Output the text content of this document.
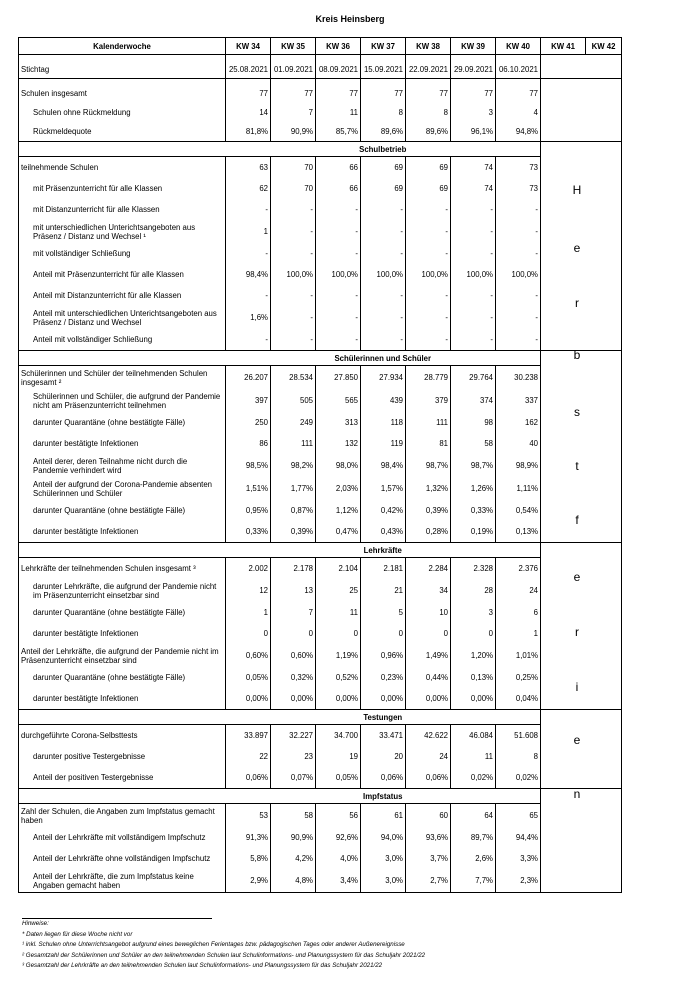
Kreis Heinsberg
Kalenderwoche	KW 34	KW 35	KW 36	KW 37	KW 38	KW 39	KW 40	KW 41	KW 42

Stichtag	25.08.2021	01.09.2021	08.09.2021	15.09.2021	22.09.2021	29.09.2021	06.10.2021		

Schulen insgesamt	77	77	77	77	77	77	77		
Schulen ohne Rückmeldung	14	7	11	8	8	3	4		
Rückmeldequote	81,8%	90,9%	85,7%	89,6%	89,6%	96,1%	94,8%		
	Schulbetrieb								
teilnehmende Schulen	63	70	66	69	69	74	73		
mit Präsenzunterricht für alle Klassen	62	70	66	69	69	74	73		
mit Distanzunterricht für alle Klassen	-	-	-	-	-	-	-		
mit unterschiedlichen Unterichtsangeboten aus Präsenz / Distanz und Wechsel ¹	1	-	-	-	-	-	-		
mit vollständiger Schließung	-	-	-	-	-	-	-		
Anteil mit Präsenzunterricht für alle Klassen	98,4%	100,0%	100,0%	100,0%	100,0%	100,0%	100,0%		
Anteil mit Distanzunterricht für alle Klassen	-	-	-	-	-	-	-		
Anteil mit unterschiedlichen Unterichtsangeboten aus Präsenz / Distanz und Wechsel	1,6%	-	-	-	-	-	-		
Anteil mit vollständiger Schließung	-	-	-	-	-	-	-		
	Schülerinnen und Schüler								
Schülerinnen und Schüler der teilnehmenden Schulen insgesamt ²	26.207	28.534	27.850	27.934	28.779	29.764	30.238		
Schülerinnen und Schüler, die aufgrund der Pandemie nicht am Präsenzunterricht teilnehmen	397	505	565	439	379	374	337		
darunter Quarantäne (ohne bestätigte Fälle)	250	249	313	118	111	98	162		
darunter bestätigte Infektionen	86	111	132	119	81	58	40		
Anteil derer, deren Teilnahme nicht durch die Pandemie verhindert wird	98,5%	98,2%	98,0%	98,4%	98,7%	98,7%	98,9%		
Anteil der aufgrund der Corona-Pandemie absenten Schülerinnen und Schüler	1,51%	1,77%	2,03%	1,57%	1,32%	1,26%	1,11%		
darunter Quarantäne (ohne bestätigte Fälle)	0,95%	0,87%	1,12%	0,42%	0,39%	0,33%	0,54%		
darunter bestätigte Infektionen	0,33%	0,39%	0,47%	0,43%	0,28%	0,19%	0,13%		
	Lehrkräfte								
Lehrkräfte der teilnehmenden Schulen insgesamt ³	2.002	2.178	2.104	2.181	2.284	2.328	2.376		
darunter Lehrkräfte, die aufgrund der Pandemie nicht im Präsenzunterricht einsetzbar sind	12	13	25	21	34	28	24		
darunter Quarantäne (ohne bestätigte Fälle)	1	7	11	5	10	3	6		
darunter bestätigte Infektionen	0	0	0	0	0	0	1		
Anteil der Lehrkräfte, die aufgrund der Pandemie nicht im Präsenzunterricht einsetzbar sind	0,60%	0,60%	1,19%	0,96%	1,49%	1,20%	1,01%		
darunter Quarantäne (ohne bestätigte Fälle)	0,05%	0,32%	0,52%	0,23%	0,44%	0,13%	0,25%		
darunter bestätigte Infektionen	0,00%	0,00%	0,00%	0,00%	0,00%	0,00%	0,04%		
	Testungen								
durchgeführte Corona-Selbsttests	33.897	32.227	34.700	33.471	42.622	46.084	51.608		
darunter positive Testergebnisse	22	23	19	20	24	11	8		
Anteil der positiven Testergebnisse	0,06%	0,07%	0,05%	0,06%	0,06%	0,02%	0,02%		
	Impfstatus								
Zahl der Schulen, die Angaben zum Impfstatus gemacht haben	53	58	56	61	60	64	65		
Anteil der Lehrkräfte mit vollständigem Impfschutz	91,3%	90,9%	92,6%	94,0%	93,6%	89,7%	94,4%		
Anteil der Lehrkräfte ohne vollständigen Impfschutz	5,8%	4,2%	4,0%	3,0%	3,7%	2,6%	3,3%		
Anteil der Lehrkräfte, die zum Impfstatus keine Angaben gemacht haben	2,9%	4,8%	3,4%	3,0%	2,7%	7,7%	2,3%		
H
e
r
b
s
t
f
e
r
i
e
n
Hinweise:
* Daten liegen für diese Woche nicht vor
¹ inkl. Schulen ohne Unterrichtsangebot aufgrund eines beweglichen Ferientages bzw. pädagogischen Tages oder anderer Außenereignisse
² Gesamtzahl der Schülerinnen und Schüler an den teilnehmenden Schulen laut Schulinformations- und Planungssystem für das Schuljahr 2021/22
³ Gesamtzahl der Lehrkräfte an den teilnehmenden Schulen laut Schulinformations- und Planungssystem für das Schuljahr 2021/22
